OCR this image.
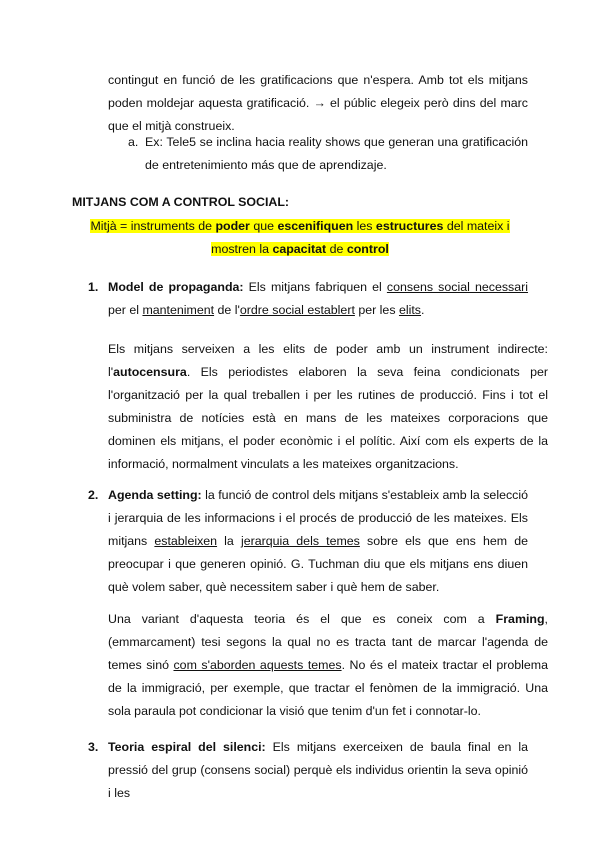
contingut en funció de les gratificacions que n'espera. Amb tot els mitjans poden moldejar aquesta gratificació. → el públic elegeix però dins del marc que el mitjà construeix.

a. Ex: Tele5 se inclina hacia reality shows que generan una gratificación de entretenimiento más que de aprendizaje.

MITJANS COM A CONTROL SOCIAL:

Mitjà = instruments de poder que escenifiquen les estructures del mateix i mostren la capacitat de control

1. Model de propaganda: Els mitjans fabriquen el consens social necessari per el manteniment de l'ordre social establert per les elits.

Els mitjans serveixen a les elits de poder amb un instrument indirecte: l'autocensura. Els periodistes elaboren la seva feina condicionats per l'organització per la qual treballen i per les rutines de producció. Fins i tot el subministra de notícies està en mans de les mateixes corporacions que dominen els mitjans, el poder econòmic i el polític. Així com els experts de la informació, normalment vinculats a les mateixes organitzacions.

2. Agenda setting: la funció de control dels mitjans s'estableix amb la selecció i jerarquia de les informacions i el procés de producció de les mateixes. Els mitjans estableixen la jerarquia dels temes sobre els que ens hem de preocupar i que generen opinió. G. Tuchman diu que els mitjans ens diuen què volem saber, què necessitem saber i què hem de saber.

Una variant d'aquesta teoria és el que es coneix com a Framing, (emmarcament) tesi segons la qual no es tracta tant de marcar l'agenda de temes sinó com s'aborden aquests temes. No és el mateix tractar el problema de la immigració, per exemple, que tractar el fenòmen de la immigració. Una sola paraula pot condicionar la visió que tenim d'un fet i connotar-lo.

3. Teoria espiral del silenci: Els mitjans exerceixen de baula final en la pressió del grup (consens social) perquè els individus orientin la seva opinió i les
